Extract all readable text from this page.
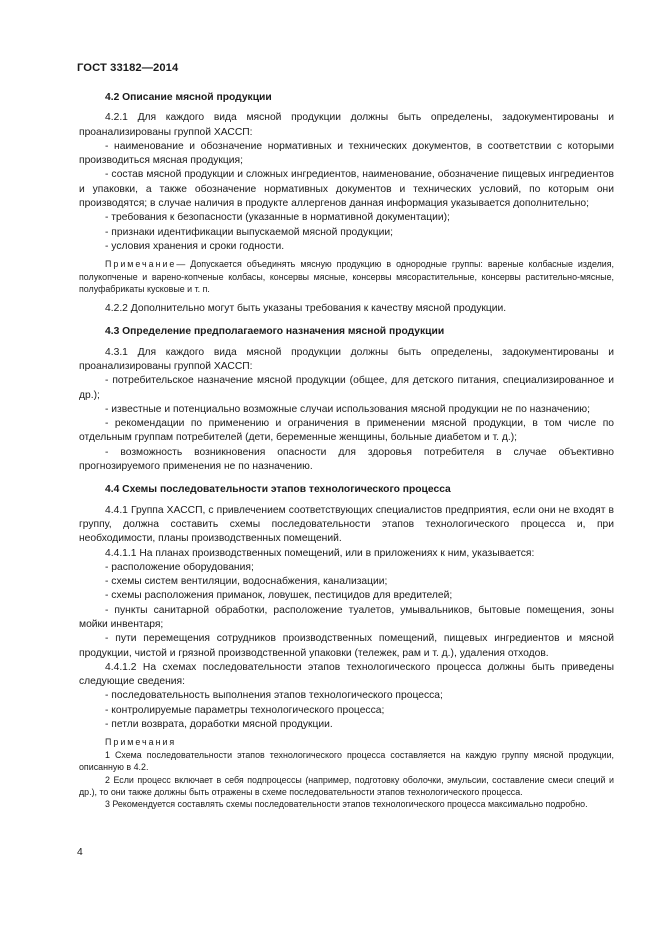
ГОСТ 33182—2014

4.2 Описание мясной продукции

4.2.1 Для каждого вида мясной продукции должны быть определены, задокументированы и проанализированы группой ХАССП:

- наименование и обозначение нормативных и технических документов, в соответствии с которыми производиться мясная продукция;

- состав мясной продукции и сложных ингредиентов, наименование, обозначение пищевых ингредиентов и упаковки, а также обозначение нормативных документов и технических условий, по которым они производятся; в случае наличия в продукте аллергенов данная информация указывается дополнительно;

- требования к безопасности (указанные в нормативной документации);

- признаки идентификации выпускаемой мясной продукции;

- условия хранения и сроки годности.

Примечание— Допускается объединять мясную продукцию в однородные группы: вареные колбасные изделия, полукопченые и варено-копченые колбасы, консервы мясные, консервы мясорастительные, консервы растительно-мясные, полуфабрикаты кусковые и т. п.

4.2.2 Дополнительно могут быть указаны требования к качеству мясной продукции.

4.3 Определение предполагаемого назначения мясной продукции

4.3.1 Для каждого вида мясной продукции должны быть определены, задокументированы и проанализированы группой ХАССП:

- потребительское назначение мясной продукции (общее, для детского питания, специализированное и др.);

- известные и потенциально возможные случаи использования мясной продукции не по назначению;

- рекомендации по применению и ограничения в применении мясной продукции, в том числе по отдельным группам потребителей (дети, беременные женщины, больные диабетом и т. д.);

- возможность возникновения опасности для здоровья потребителя в случае объективно прогнозируемого применения не по назначению.

4.4 Схемы последовательности этапов технологического процесса

4.4.1 Группа ХАССП, с привлечением соответствующих специалистов предприятия, если они не входят в группу, должна составить схемы последовательности этапов технологического процесса и, при необходимости, планы производственных помещений.

4.4.1.1 На планах производственных помещений, или в приложениях к ним, указывается:

- расположение оборудования;

- схемы систем вентиляции, водоснабжения, канализации;

- схемы расположения приманок, ловушек, пестицидов для вредителей;

- пункты санитарной обработки, расположение туалетов, умывальников, бытовые помещения, зоны мойки инвентаря;

- пути перемещения сотрудников производственных помещений, пищевых ингредиентов и мясной продукции, чистой и грязной производственной упаковки (тележек, рам и т. д.), удаления отходов.

4.4.1.2 На схемах последовательности этапов технологического процесса должны быть приведены следующие сведения:

- последовательность выполнения этапов технологического процесса;

- контролируемые параметры технологического процесса;

- петли возврата, доработки мясной продукции.

Примечания

1 Схема последовательности этапов технологического процесса составляется на каждую группу мясной продукции, описанную в 4.2.

2 Если процесс включает в себя подпроцессы (например, подготовку оболочки, эмульсии, составление смеси специй и др.), то они также должны быть отражены в схеме последовательности этапов технологического процесса.

3 Рекомендуется составлять схемы последовательности этапов технологического процесса максимально подробно.

4
